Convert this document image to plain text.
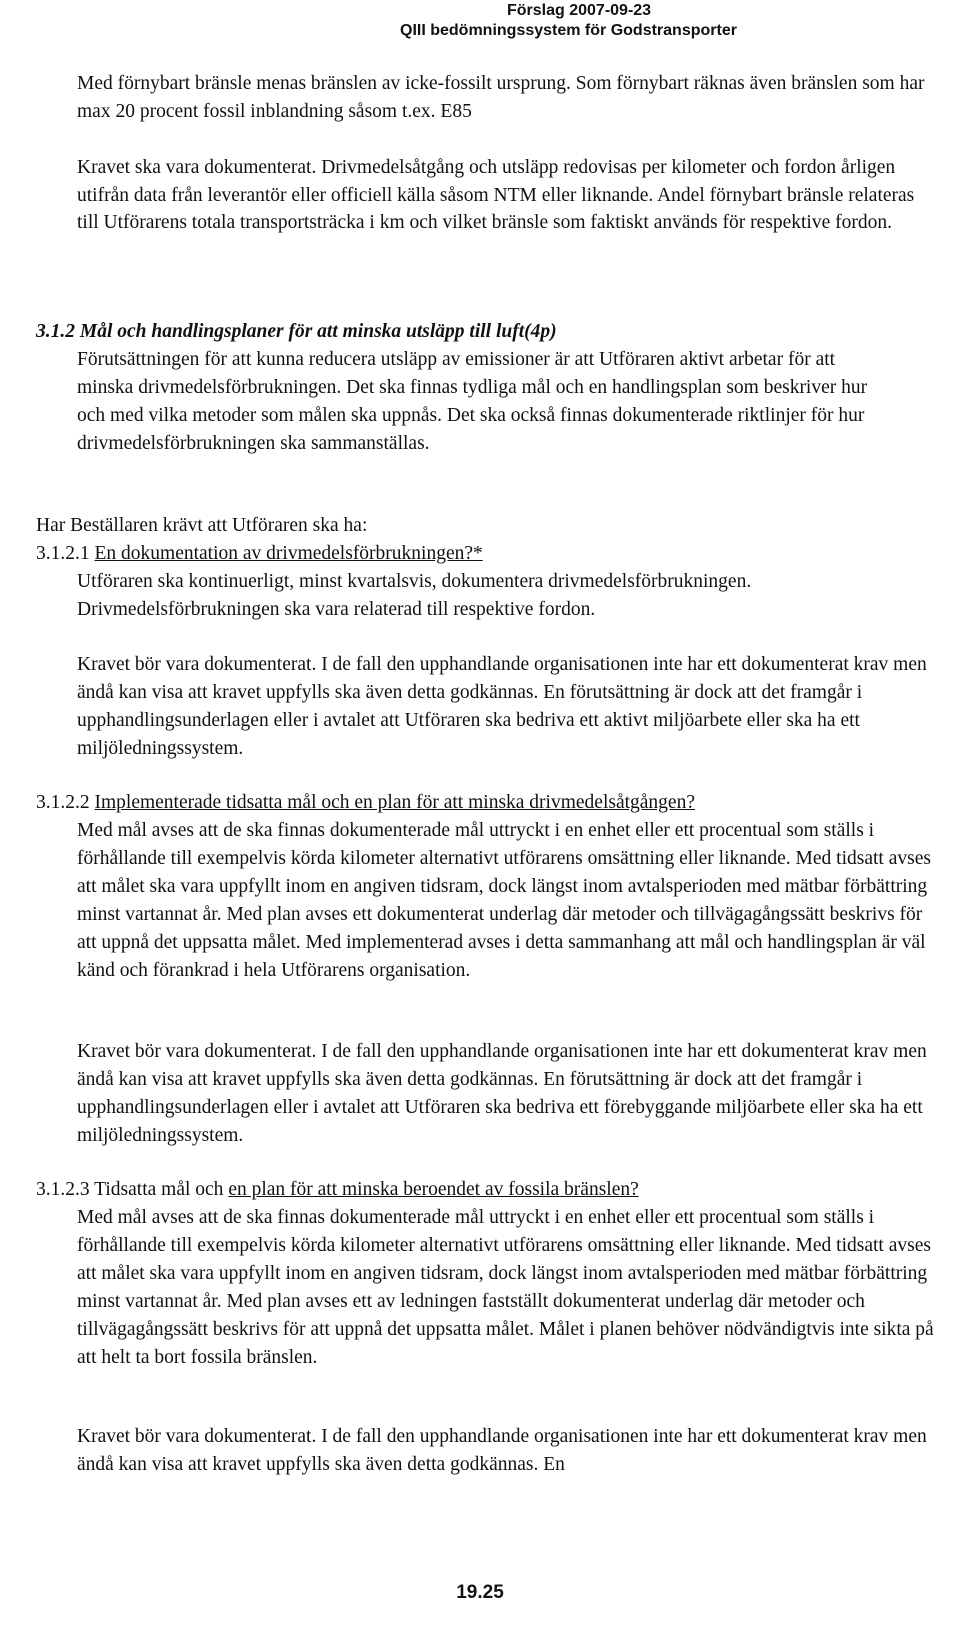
Förslag 2007-09-23
QIII bedömningssystem för Godstransporter

Med förnybart bränsle menas bränslen av icke-fossilt ursprung. Som förnybart räknas även bränslen som har max 20 procent fossil inblandning såsom t.ex. E85

Kravet ska vara dokumenterat. Drivmedelsåtgång och utsläpp redovisas per kilometer och fordon årligen utifrån data från leverantör eller officiell källa såsom NTM eller liknande. Andel förnybart bränsle relateras till Utförarens totala transportsträcka i km och vilket bränsle som faktiskt används för respektive fordon.

3.1.2 Mål och handlingsplaner för att minska utsläpp till luft(4p)

Förutsättningen för att kunna reducera utsläpp av emissioner är att Utföraren aktivt arbetar för att minska drivmedelsförbrukningen. Det ska finnas tydliga mål och en handlingsplan som beskriver hur och med vilka metoder som målen ska uppnås. Det ska också finnas dokumenterade riktlinjer för hur drivmedelsförbrukningen ska sammanställas.

Har Beställaren krävt att Utföraren ska ha:
3.1.2.1 En dokumentation av drivmedelsförbrukningen?*

Utföraren ska kontinuerligt, minst kvartalsvis, dokumentera drivmedelsförbrukningen. Drivmedelsförbrukningen ska vara relaterad till respektive fordon.

Kravet bör vara dokumenterat. I de fall den upphandlande organisationen inte har ett dokumenterat krav men ändå kan visa att kravet uppfylls ska även detta godkännas. En förutsättning är dock att det framgår i upphandlingsunderlagen eller i avtalet att Utföraren ska bedriva ett aktivt miljöarbete eller ska ha ett miljöledningssystem.

3.1.2.2 Implementerade tidsatta mål och en plan för att minska drivmedelsåtgången?

Med mål avses att de ska finnas dokumenterade mål uttryckt i en enhet eller ett procentual som ställs i förhållande till exempelvis körda kilometer alternativt utförarens omsättning eller liknande. Med tidsatt avses att målet ska vara uppfyllt inom en angiven tidsram, dock längst inom avtalsperioden med mätbar förbättring minst vartannat år. Med plan avses ett dokumenterat underlag där metoder och tillvägagångssätt beskrivs för att uppnå det uppsatta målet. Med implementerad avses i detta sammanhang att mål och handlingsplan är väl känd och förankrad i hela Utförarens organisation.

Kravet bör vara dokumenterat. I de fall den upphandlande organisationen inte har ett dokumenterat krav men ändå kan visa att kravet uppfylls ska även detta godkännas. En förutsättning är dock att det framgår i upphandlingsunderlagen eller i avtalet att Utföraren ska bedriva ett förebyggande miljöarbete eller ska ha ett miljöledningssystem.

3.1.2.3 Tidsatta mål och en plan för att minska beroendet av fossila bränslen?

Med mål avses att de ska finnas dokumenterade mål uttryckt i en enhet eller ett procentual som ställs i förhållande till exempelvis körda kilometer alternativt utförarens omsättning eller liknande. Med tidsatt avses att målet ska vara uppfyllt inom en angiven tidsram, dock längst inom avtalsperioden med mätbar förbättring minst vartannat år. Med plan avses ett av ledningen fastställt dokumenterat underlag där metoder och tillvägagångssätt beskrivs för att uppnå det uppsatta målet. Målet i planen behöver nödvändigtvis inte sikta på att helt ta bort fossila bränslen.

Kravet bör vara dokumenterat. I de fall den upphandlande organisationen inte har ett dokumenterat krav men ändå kan visa att kravet uppfylls ska även detta godkännas. En

19.25
